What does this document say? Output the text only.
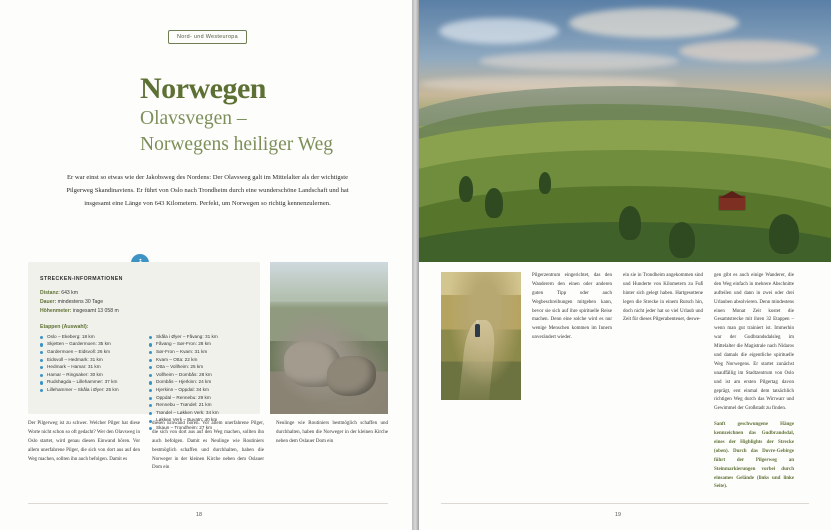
Nord- und Westeuropa
Norwegen
Olavsvegen –
Norwegens heiliger Weg
Er war einst so etwas wie der Jakobsweg des Nordens: Der Olavsweg galt im Mittelalter als der wichtigste Pilgerweg Skandinaviens. Er führt von Oslo nach Trondheim durch eine wunderschöne Landschaft und hat insgesamt eine Länge von 643 Kilometern. Perfekt, um Norwegen so richtig kennenzulernen.
STRECKEN-INFORMATIONEN
Distanz: 643 km
Dauer: mindestens 30 Tage
Höhenmeter: insgesamt 13 058 m
Etappen (Auswahl):
Oslo – Ekeberg: 18 km
Skjetten – Gardermoen: 35 km
Gardermoen – Eidsvoll: 26 km
Eidsvoll – Hedmark: 31 km
Hedmark – Hamar: 31 km
Hamar – Ringsaker: 30 km
Rudshøgda – Lillehammer: 37 km
Lillehammer – Skåla i Øyer: 25 km
Skåla i Øyer – Fåvang: 31 km
Fåvang – Sør-Fron: 28 km
Sør-Fron – Kvam: 31 km
Kvam – Otta: 22 km
Otta – Vollheim: 25 km
Vollheim – Dombås: 28 km
Dombås – Hjerkinn: 24 km
Hjerkinn – Oppdal: 34 km
Oppdal – Rennebu: 29 km
Rennebu – Trøndel: 21 km
Trøndel – Løkken Verk: 34 km
Løkken Verk – Buvatn: 40 km
Skaun – Trondheim: 27 km
Der Pilgerweg ist zu schwer. Welcher Pilger hat diese Worte nicht schon so oft gedacht? Wer den Olavsweg in Oslo startet, wird genau diesen Einwand hören. Vor allem unerfahrene Pilger, die sich von dort aus auf den Weg machen, sollten ihn auch befolgen. Damit es
diesen Einwand hören. Vor allem unerfahrene Pilger, die sich von dort aus auf den Weg machen, sollten ihn auch befolgen. Damit es Neulinge wie Routiniers bestmöglich schaffen und durchhalten, haben die Norweger in der kleinen Kirche neben dem Oslauer Dom ein
Neulinge wie Routiniers bestmöglich schaffen und durchhalten, haben die Norweger in der kleinen Kirche neben dem Oslauer Dom ein
18
Pilgerzentrum eingerichtet, das den Wanderern den einen oder anderen guten Tipp oder auch Wegbeschreibungen mitgeben kann, bevor sie sich auf ihre spirituelle Reise machen. Denn eine solche wird es nur wenige Menschen kommen im Innern unverändert wieder.
ein sie in Trondheim angekommen sind und Hunderte von Kilometern zu Fuß hinter sich gelegt haben. Hartgesottene legen die Strecke in einem Rutsch hin, doch nicht jeder hat so viel Urlaub und Zeit für dieses Pilgerabenteuer, deswe-
gen gibt es auch einige Wanderer, die den Weg einfach in mehrere Abschnitte aufteilen und dann in zwei oder drei Urlauben absolvieren. Denn mindestens einen Monat Zeit kostet die Gesamtstrecke mit ihren 32 Etappen – wenn man gut trainiert ist. Immerhin war der Gudbrandsdalsleg im Mittelalter die Magistrale nach Nidaros und damals die eigentliche spirituelle Weg Norwegens. Er startet zunächst unauffällig im Stadtzentrum von Oslo und ist am ersten Pilgertag davon geprägt, erst einmal dem tatsächlich richtigen Weg durch das Wirrwarr und Gewimmel der Großstadt zu finden.
Sanft geschwungene Hänge kennzeichnen das Gudbrandsdal, eines der Highlights der Strecke (oben). Durch das Dovre-Gebirge führt der Pilgerweg an Steinmarkierungen vorbei durch einsames Gelände (links und linke Seite).
19
